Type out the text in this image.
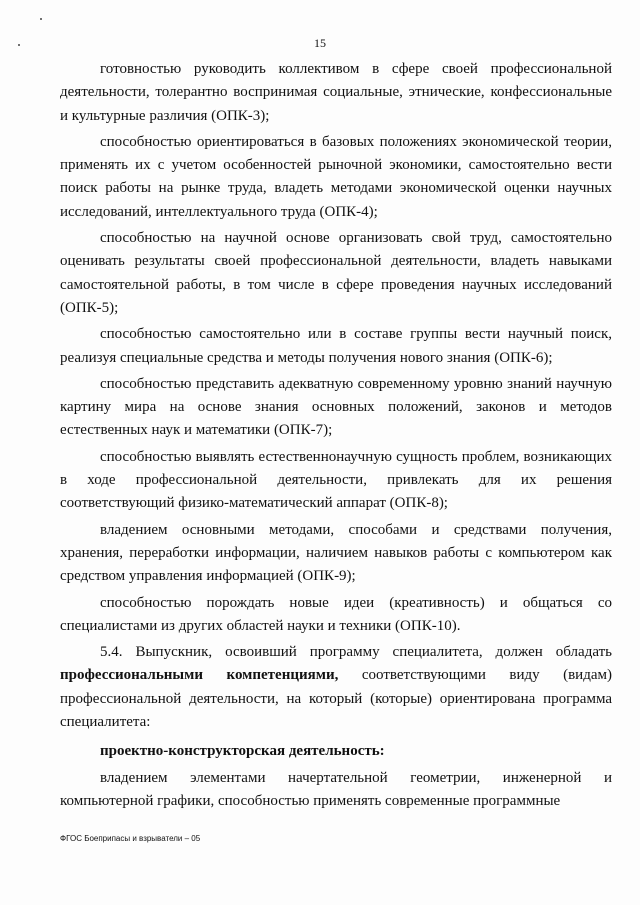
15

готовностью руководить коллективом в сфере своей профессиональной деятельности, толерантно воспринимая социальные, этнические, конфессиональные и культурные различия (ОПК-3);

способностью ориентироваться в базовых положениях экономической теории, применять их с учетом особенностей рыночной экономики, самостоятельно вести поиск работы на рынке труда, владеть методами экономической оценки научных исследований, интеллектуального труда (ОПК-4);

способностью на научной основе организовать свой труд, самостоятельно оценивать результаты своей профессиональной деятельности, владеть навыками самостоятельной работы, в том числе в сфере проведения научных исследований (ОПК-5);

способностью самостоятельно или в составе группы вести научный поиск, реализуя специальные средства и методы получения нового знания (ОПК-6);

способностью представить адекватную современному уровню знаний научную картину мира на основе знания основных положений, законов и методов естественных наук и математики (ОПК-7);

способностью выявлять естественнонаучную сущность проблем, возникающих в ходе профессиональной деятельности, привлекать для их решения соответствующий физико-математический аппарат (ОПК-8);

владением основными методами, способами и средствами получения, хранения, переработки информации, наличием навыков работы с компьютером как средством управления информацией (ОПК-9);

способностью порождать новые идеи (креативность) и общаться со специалистами из других областей науки и техники (ОПК-10).

5.4. Выпускник, освоивший программу специалитета, должен обладать профессиональными компетенциями, соответствующими виду (видам) профессиональной деятельности, на который (которые) ориентирована программа специалитета:

проектно-конструкторская деятельность:

владением элементами начертательной геометрии, инженерной и компьютерной графики, способностью применять современные программные

ФГОС Боеприпасы и взрыватели – 05
